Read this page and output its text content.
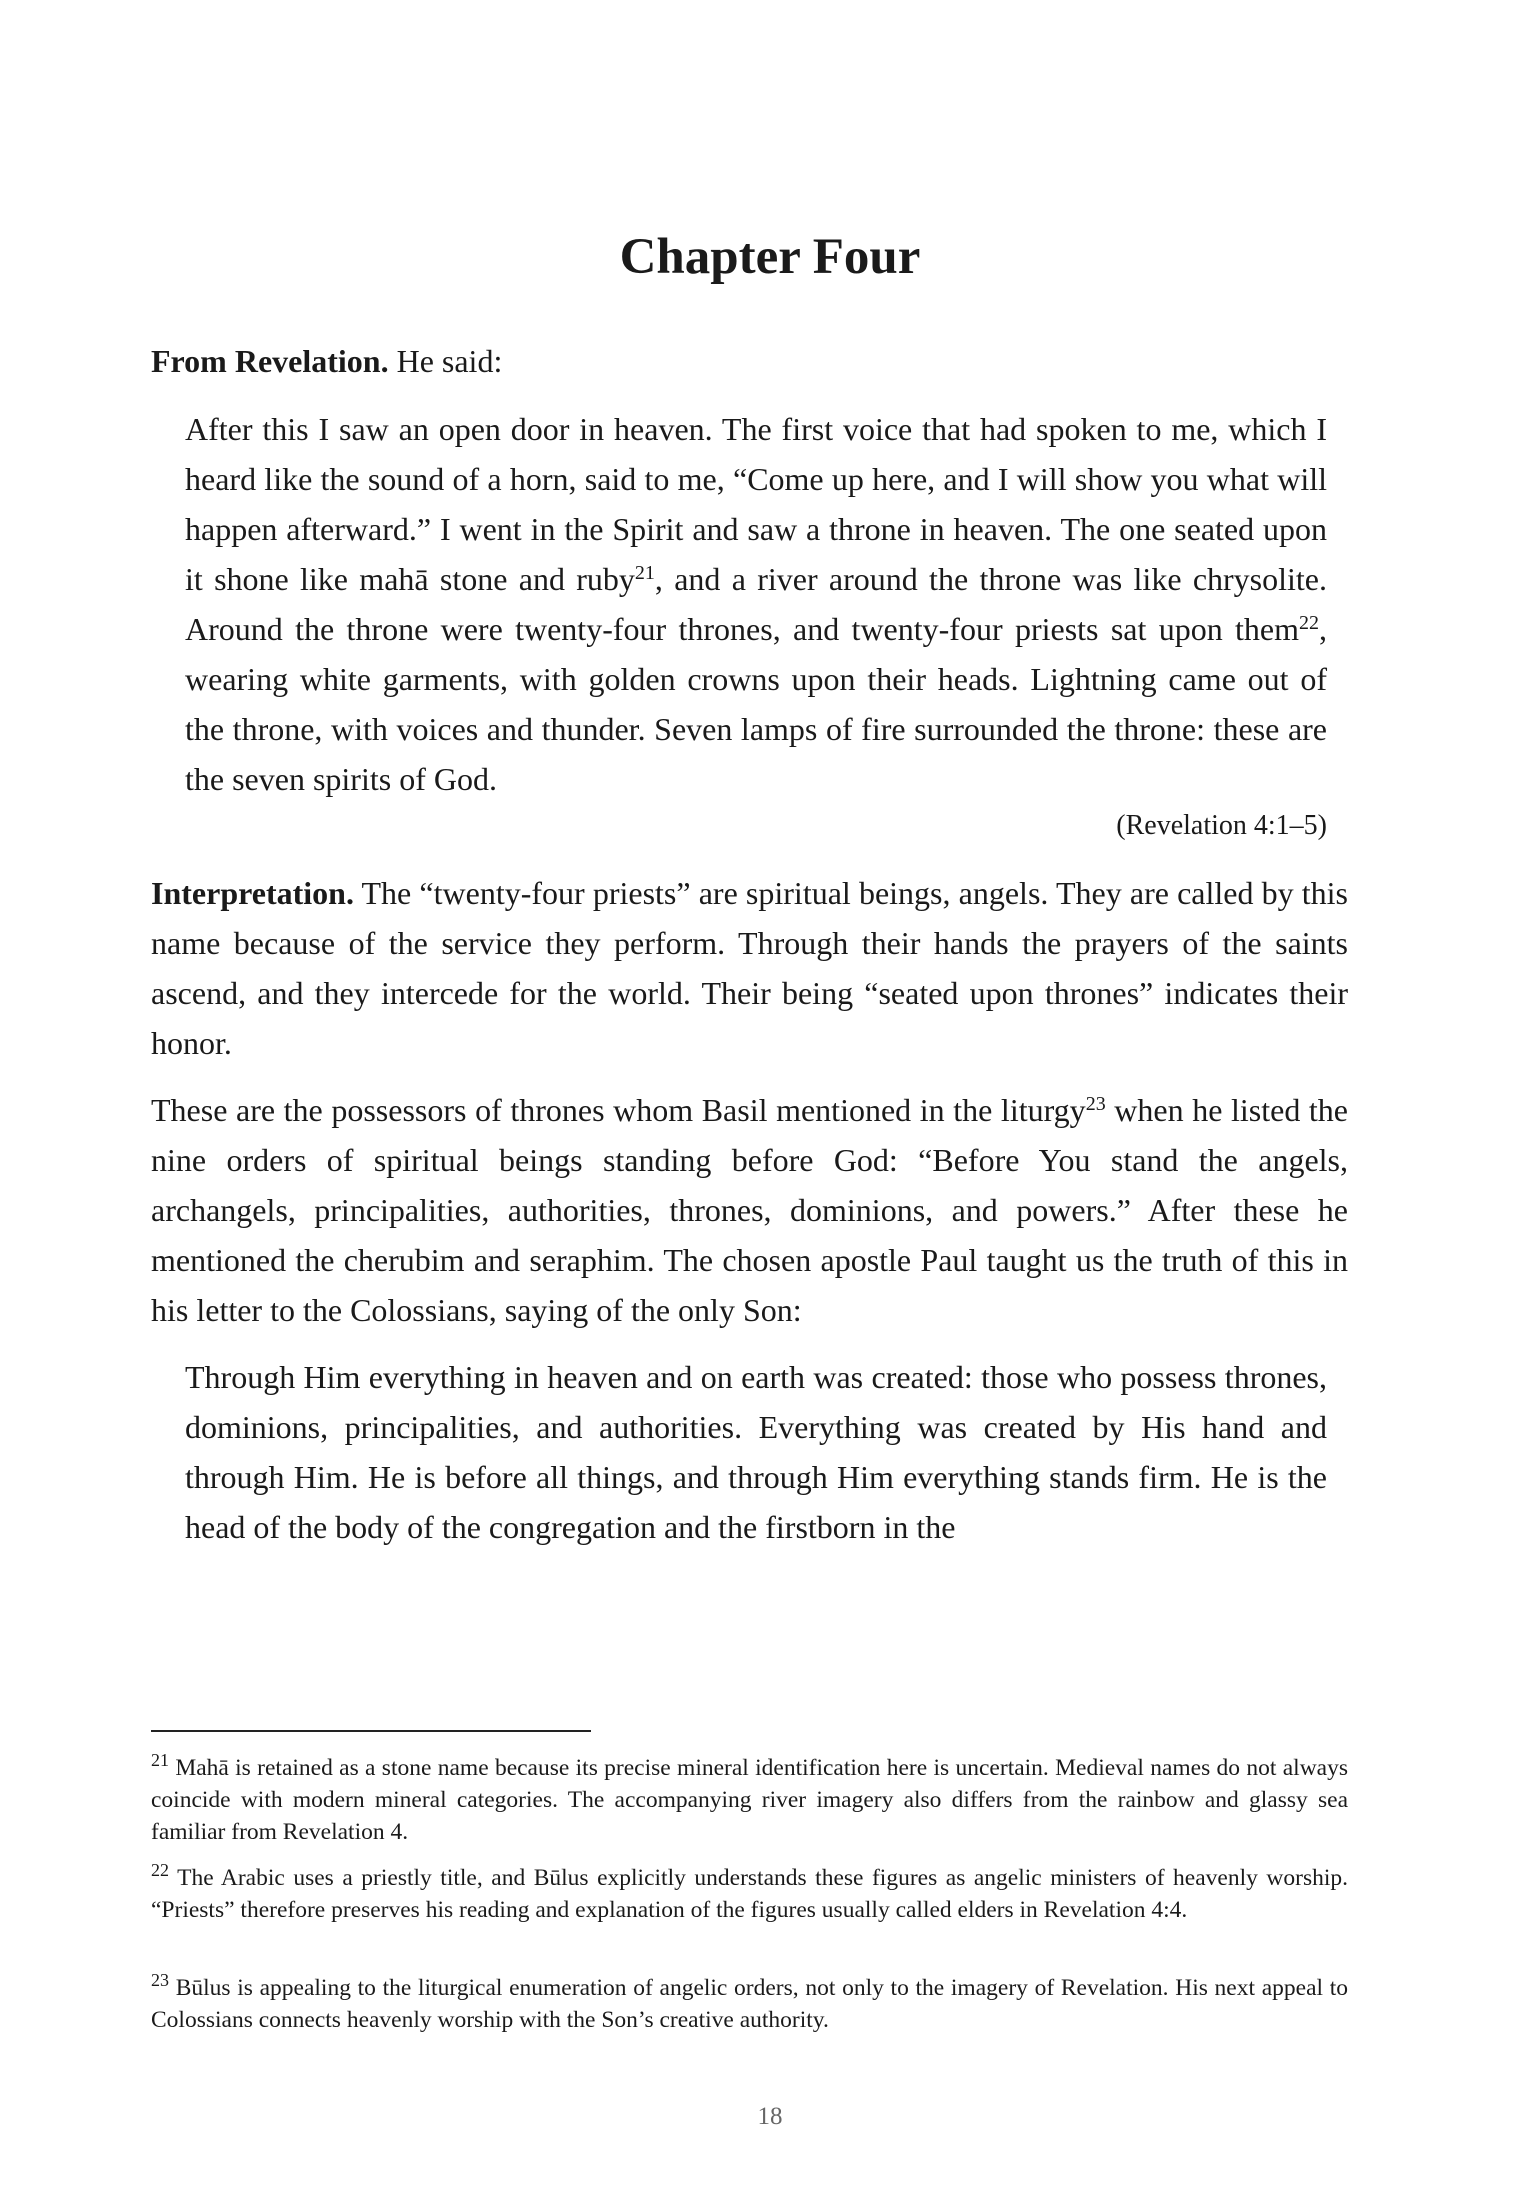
Chapter Four

From Revelation. He said:

After this I saw an open door in heaven. The first voice that had spoken to me, which I heard like the sound of a horn, said to me, “Come up here, and I will show you what will happen afterward.” I went in the Spirit and saw a throne in heaven. The one seated upon it shone like mahā stone and ruby$^{21}$, and a river around the throne was like chrysolite. Around the throne were twenty-four thrones, and twenty-four priests sat upon them$^{22}$, wearing white garments, with golden crowns upon their heads. Lightning came out of the throne, with voices and thunder. Seven lamps of fire surrounded the throne: these are the seven spirits of God.

(Revelation 4:1–5)

Interpretation. The “twenty-four priests” are spiritual beings, angels. They are called by this name because of the service they perform. Through their hands the prayers of the saints ascend, and they intercede for the world. Their being “seated upon thrones” indicates their honor.

These are the possessors of thrones whom Basil mentioned in the liturgy$^{23}$ when he listed the nine orders of spiritual beings standing before God: “Before You stand the angels, archangels, principalities, authorities, thrones, dominions, and powers.” After these he mentioned the cherubim and seraphim. The chosen apostle Paul taught us the truth of this in his letter to the Colossians, saying of the only Son:

Through Him everything in heaven and on earth was created: those who possess thrones, dominions, principalities, and authorities. Everything was created by His hand and through Him. He is before all things, and through Him everything stands firm. He is the head of the body of the congregation and the firstborn in the

$^{21}$ Mahā is retained as a stone name because its precise mineral identification here is uncertain. Medieval names do not always coincide with modern mineral categories. The accompanying river imagery also differs from the rainbow and glassy sea familiar from Revelation 4.

$^{22}$ The Arabic uses a priestly title, and Būlus explicitly understands these figures as angelic ministers of heavenly worship. “Priests” therefore preserves his reading and explanation of the figures usually called elders in Revelation 4:4.

$^{23}$ Būlus is appealing to the liturgical enumeration of angelic orders, not only to the imagery of Revelation. His next appeal to Colossians connects heavenly worship with the Son’s creative authority.

18
